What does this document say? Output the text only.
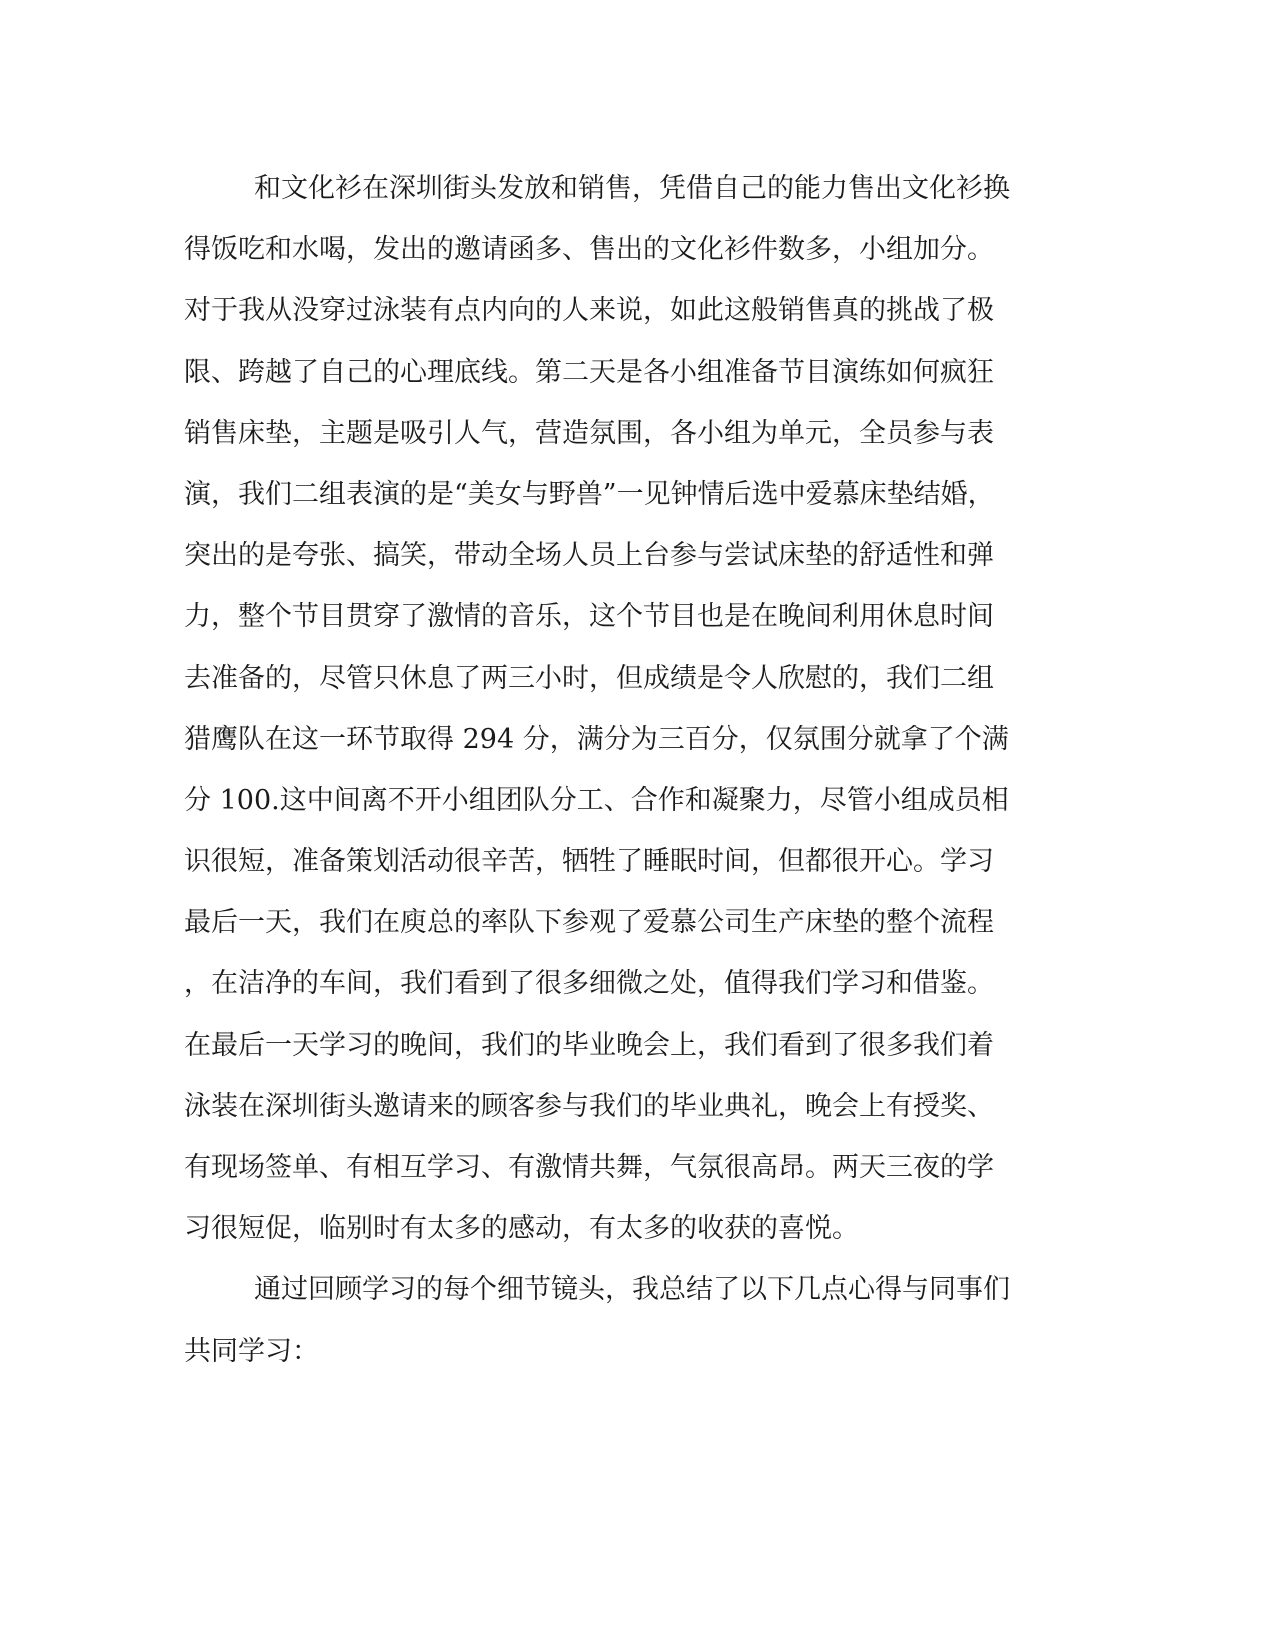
和文化衫在深圳街头发放和销售，凭借自己的能力售出文化衫换
得饭吃和水喝，发出的邀请函多、售出的文化衫件数多，小组加分。
对于我从没穿过泳装有点内向的人来说，如此这般销售真的挑战了极
限、跨越了自己的心理底线。第二天是各小组准备节目演练如何疯狂
销售床垫，主题是吸引人气，营造氛围，各小组为单元，全员参与表
演，我们二组表演的是“美女与野兽”一见钟情后选中爱慕床垫结婚，
突出的是夸张、搞笑，带动全场人员上台参与尝试床垫的舒适性和弹
力，整个节目贯穿了激情的音乐，这个节目也是在晚间利用休息时间
去准备的，尽管只休息了两三小时，但成绩是令人欣慰的，我们二组
猎鹰队在这一环节取得 294 分，满分为三百分，仅氛围分就拿了个满
分 100.这中间离不开小组团队分工、合作和凝聚力，尽管小组成员相
识很短，准备策划活动很辛苦，牺牲了睡眠时间，但都很开心。学习
最后一天，我们在庾总的率队下参观了爱慕公司生产床垫的整个流程
，在洁净的车间，我们看到了很多细微之处，值得我们学习和借鉴。
在最后一天学习的晚间，我们的毕业晚会上，我们看到了很多我们着
泳装在深圳街头邀请来的顾客参与我们的毕业典礼，晚会上有授奖、
有现场签单、有相互学习、有激情共舞，气氛很高昂。两天三夜的学
习很短促，临别时有太多的感动，有太多的收获的喜悦。
通过回顾学习的每个细节镜头，我总结了以下几点心得与同事们
共同学习：
